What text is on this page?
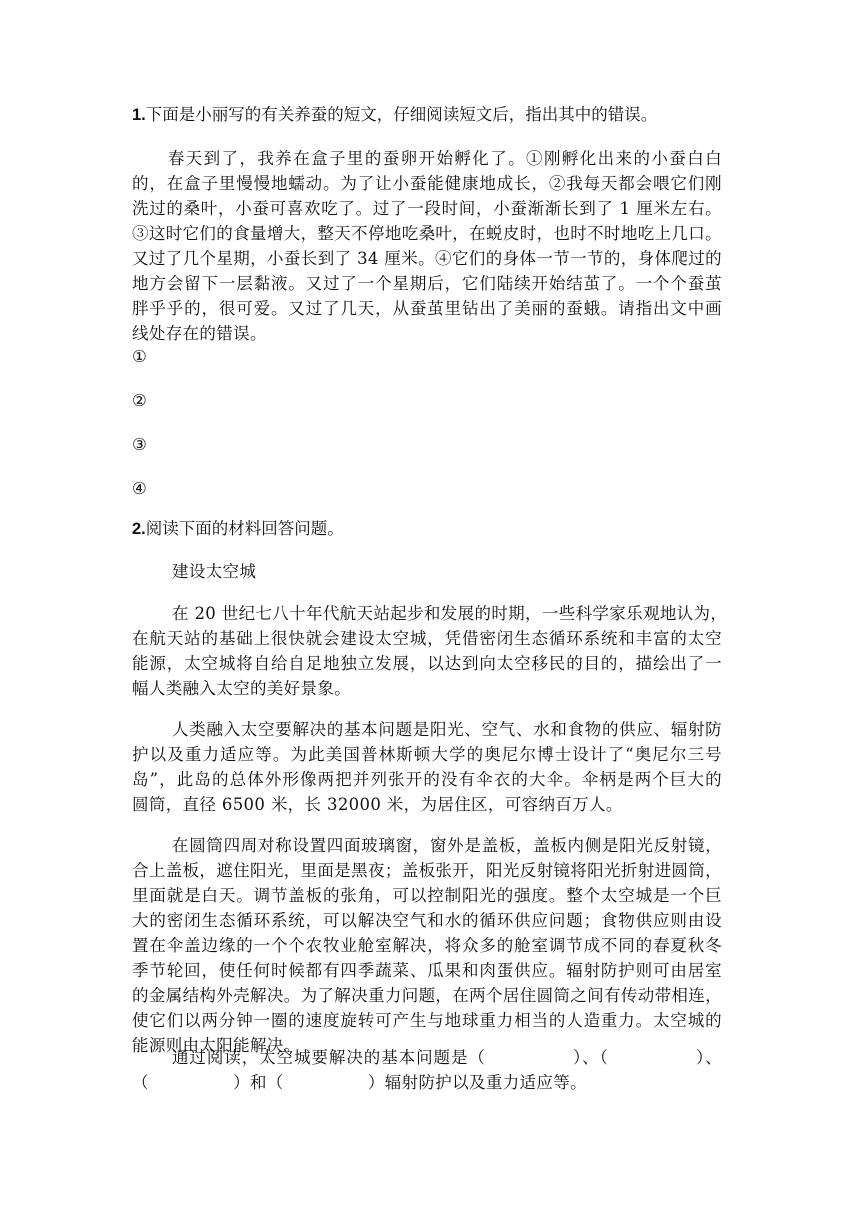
1.下面是小丽写的有关养蚕的短文，仔细阅读短文后，指出其中的错误。
　　春天到了，我养在盒子里的蚕卵开始孵化了。①刚孵化出来的小蚕白白
的，在盒子里慢慢地蠕动。为了让小蚕能健康地成长，②我每天都会喂它们刚
洗过的桑叶，小蚕可喜欢吃了。过了一段时间，小蚕渐渐长到了 1 厘米左右。
③这时它们的食量增大，整天不停地吃桑叶，在蜕皮时，也时不时地吃上几口。
又过了几个星期，小蚕长到了 34 厘米。④它们的身体一节一节的，身体爬过的
地方会留下一层黏液。又过了一个星期后，它们陆续开始结茧了。一个个蚕茧
胖乎乎的，很可爱。又过了几天，从蚕茧里钻出了美丽的蚕蛾。请指出文中画
线处存在的错误。
①
②
③
④
2.阅读下面的材料回答问题。
建设太空城
在 20 世纪七八十年代航天站起步和发展的时期，一些科学家乐观地认为，
在航天站的基础上很快就会建设太空城，凭借密闭生态循环系统和丰富的太空
能源，太空城将自给自足地独立发展，以达到向太空移民的目的，描绘出了一
幅人类融入太空的美好景象。
人类融入太空要解决的基本问题是阳光、空气、水和食物的供应、辐射防
护以及重力适应等。为此美国普林斯顿大学的奥尼尔博士设计了“奥尼尔三号
岛”，此岛的总体外形像两把并列张开的没有伞衣的大伞。伞柄是两个巨大的
圆筒，直径 6500 米，长 32000 米，为居住区，可容纳百万人。
在圆筒四周对称设置四面玻璃窗，窗外是盖板，盖板内侧是阳光反射镜，
合上盖板，遮住阳光，里面是黑夜；盖板张开，阳光反射镜将阳光折射进圆筒，
里面就是白天。调节盖板的张角，可以控制阳光的强度。整个太空城是一个巨
大的密闭生态循环系统，可以解决空气和水的循环供应问题；食物供应则由设
置在伞盖边缘的一个个农牧业舱室解决，将众多的舱室调节成不同的春夏秋冬
季节轮回，使任何时候都有四季蔬菜、瓜果和肉蛋供应。辐射防护则可由居室
的金属结构外壳解决。为了解决重力问题，在两个居住圆筒之间有传动带相连，
使它们以两分钟一圈的速度旋转可产生与地球重力相当的人造重力。太空城的
能源则由太阳能解决。
通过阅读，太空城要解决的基本问题是（　　　　　）、（　　　　　）、
（　　　　　）和（　　　　　）辐射防护以及重力适应等。
